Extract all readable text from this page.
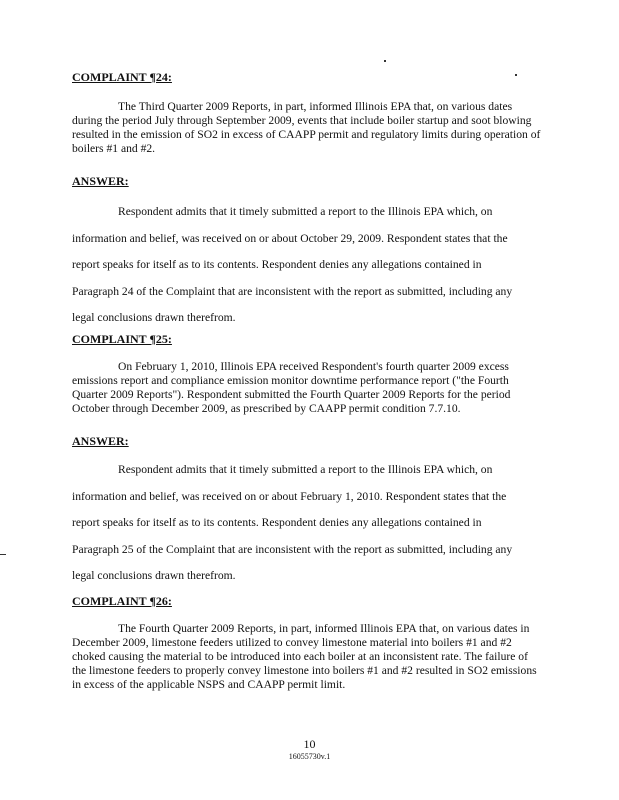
COMPLAINT ¶24:
The Third Quarter 2009 Reports, in part, informed Illinois EPA that, on various dates during the period July through September 2009, events that include boiler startup and soot blowing resulted in the emission of SO2 in excess of CAAPP permit and regulatory limits during operation of boilers #1 and #2.
ANSWER:
Respondent admits that it timely submitted a report to the Illinois EPA which, on
information and belief, was received on or about October 29, 2009. Respondent states that the
report speaks for itself as to its contents. Respondent denies any allegations contained in
Paragraph 24 of the Complaint that are inconsistent with the report as submitted, including any
legal conclusions drawn therefrom.
COMPLAINT ¶25:
On February 1, 2010, Illinois EPA received Respondent's fourth quarter 2009 excess emissions report and compliance emission monitor downtime performance report ("the Fourth Quarter 2009 Reports"). Respondent submitted the Fourth Quarter 2009 Reports for the period October through December 2009, as prescribed by CAAPP permit condition 7.7.10.
ANSWER:
Respondent admits that it timely submitted a report to the Illinois EPA which, on
information and belief, was received on or about February 1, 2010. Respondent states that the
report speaks for itself as to its contents. Respondent denies any allegations contained in
Paragraph 25 of the Complaint that are inconsistent with the report as submitted, including any
legal conclusions drawn therefrom.
COMPLAINT ¶26:
The Fourth Quarter 2009 Reports, in part, informed Illinois EPA that, on various dates in December 2009, limestone feeders utilized to convey limestone material into boilers #1 and #2 choked causing the material to be introduced into each boiler at an inconsistent rate. The failure of the limestone feeders to properly convey limestone into boilers #1 and #2 resulted in SO2 emissions in excess of the applicable NSPS and CAAPP permit limit.
10
16055730v.1
